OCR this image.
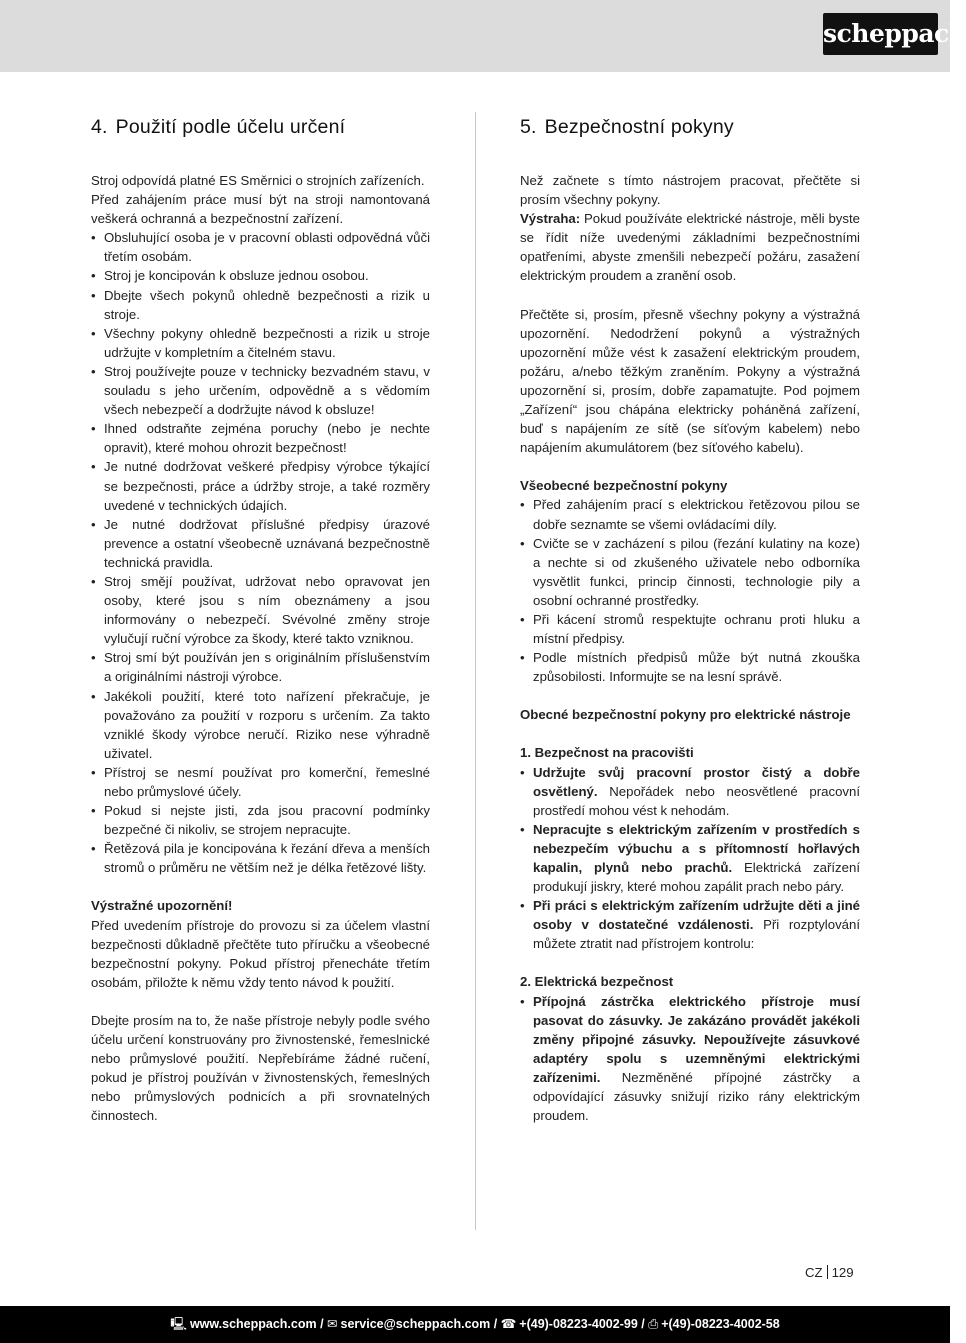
scheppach
4. Použití podle účelu určení

Stroj odpovídá platné ES Směrnici o strojních zařízeních.

Před zahájením práce musí být na stroji namontovaná veškerá ochranná a bezpečnostní zařízení.

• Obsluhující osoba je v pracovní oblasti odpovědná vůči třetím osobám.
• Stroj je koncipován k obsluze jednou osobou.
• Dbejte všech pokynů ohledně bezpečnosti a rizik u stroje.
• Všechny pokyny ohledně bezpečnosti a rizik u stroje udržujte v kompletním a čitelném stavu.
• Stroj používejte pouze v technicky bezvadném stavu, v souladu s jeho určením, odpovědně a s vědomím všech nebezpečí a dodržujte návod k obsluze!
• Ihned odstraňte zejména poruchy (nebo je nechte opravit), které mohou ohrozit bezpečnost!
• Je nutné dodržovat veškeré předpisy výrobce týkající se bezpečnosti, práce a údržby stroje, a také rozměry uvedené v technických údajích.
• Je nutné dodržovat příslušné předpisy úrazové prevence a ostatní všeobecně uznávaná bezpečnostně technická pravidla.
• Stroj smějí používat, udržovat nebo opravovat jen osoby, které jsou s ním obeznámeny a jsou informovány o nebezpečí. Svévolné změny stroje vylučují ruční výrobce za škody, které takto vzniknou.
• Stroj smí být používán jen s originálním příslušenstvím a originálními nástroji výrobce.
• Jakékoli použití, které toto nařízení překračuje, je považováno za použití v rozporu s určením. Za takto vzniklé škody výrobce neručí. Riziko nese výhradně uživatel.
• Přístroj se nesmí používat pro komerční, řemeslné nebo průmyslové účely.
• Pokud si nejste jisti, zda jsou pracovní podmínky bezpečné či nikoliv, se strojem nepracujte.
• Řetězová pila je koncipována k řezání dřeva a menších stromů o průměru ne větším než je délka řetězové lišty.

Výstražné upozornění!

Před uvedením přístroje do provozu si za účelem vlastní bezpečnosti důkladně přečtěte tuto příručku a všeobecné bezpečnostní pokyny. Pokud přístroj přenecháte třetím osobám, přiložte k němu vždy tento návod k použití.

Dbejte prosím na to, že naše přístroje nebyly podle svého účelu určení konstruovány pro živnostenské, řemeslnické nebo průmyslové použití. Nepřebíráme žádné ručení, pokud je přístroj používán v živnostenských, řemeslných nebo průmyslových podnicích a při srovnatelných činnostech.

5. Bezpečnostní pokyny

Než začnete s tímto nástrojem pracovat, přečtěte si prosím všechny pokyny.

Výstraha: Pokud používáte elektrické nástroje, měli byste se řídit níže uvedenými základními bezpečnostními opatřeními, abyste zmenšili nebezpečí požáru, zasažení elektrickým proudem a zranění osob.

Přečtěte si, prosím, přesně všechny pokyny a výstražná upozornění. Nedodržení pokynů a výstražných upozornění může vést k zasažení elektrickým proudem, požáru, a/nebo těžkým zraněním. Pokyny a výstražná upozornění si, prosím, dobře zapamatujte. Pod pojmem „Zařízení“ jsou chápána elektricky poháněná zařízení, buď s napájením ze sítě (se síťovým kabelem) nebo napájením akumulátorem (bez síťového kabelu).

Všeobecné bezpečnostní pokyny

• Před zahájením prací s elektrickou řetězovou pilou se dobře seznamte se všemi ovládacími díly.
• Cvičte se v zacházení s pilou (řezání kulatiny na koze) a nechte si od zkušeného uživatele nebo odborníka vysvětlit funkci, princip činnosti, technologie pily a osobní ochranné prostředky.
• Při kácení stromů respektujte ochranu proti hluku a místní předpisy.
• Podle místních předpisů může být nutná zkouška způsobilosti. Informujte se na lesní správě.

Obecné bezpečnostní pokyny pro elektrické nástroje

1. Bezpečnost na pracovišti

• Udržujte svůj pracovní prostor čistý a dobře osvětlený. Nepořádek nebo neosvětlené pracovní prostředí mohou vést k nehodám.
• Nepracujte s elektrickým zařízením v prostředích s nebezpečím výbuchu a s přítomností hořlavých kapalin, plynů nebo prachů. Elektrická zařízení produkují jiskry, které mohou zapálit prach nebo páry.
• Při práci s elektrickým zařízením udržujte děti a jiné osoby v dostatečné vzdálenosti. Při rozptylování můžete ztratit nad přístrojem kontrolu:

2. Elektrická bezpečnost

• Přípojná zástrčka elektrického přístroje musí pasovat do zásuvky. Je zakázáno provádět jakékoli změny připojné zásuvky. Nepoužívejte zásuvkové adaptéry spolu s uzemněnými elektrickými zařízenimi. Nezměněné přípojné zástrčky a odpovídající zásuvky snižují riziko rány elektrickým proudem.
CZ 129
🖳 www.scheppach.com / ✉ service@scheppach.com / ☎ +(49)-08223-4002-99 / ⎙ +(49)-08223-4002-58
